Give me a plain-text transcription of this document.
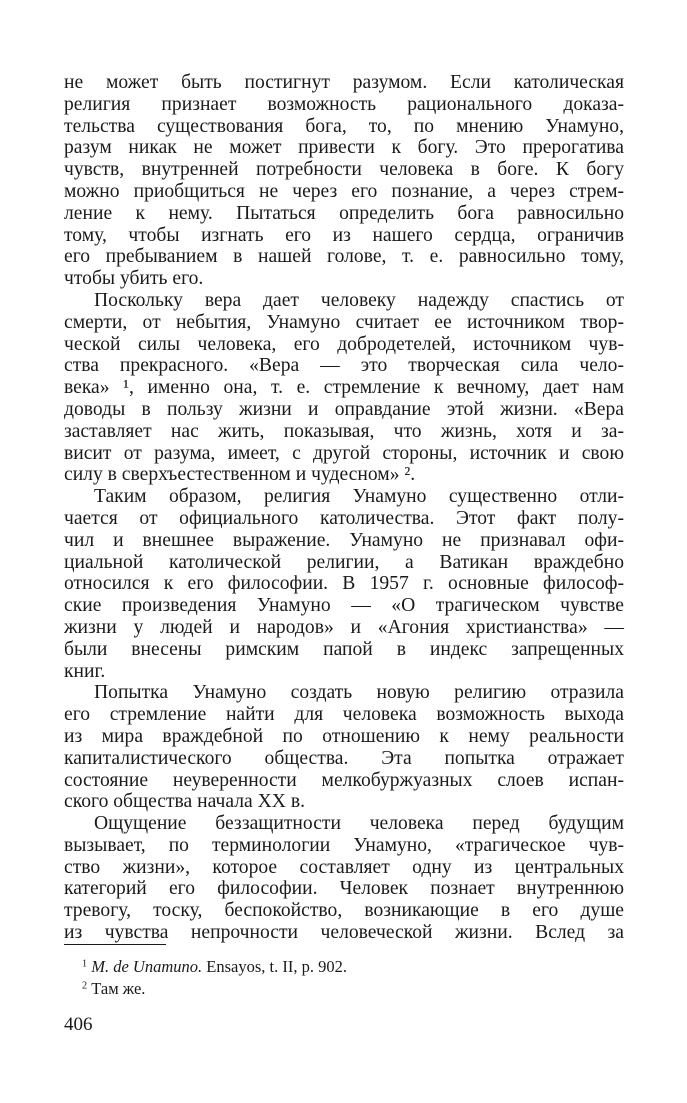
не может быть постигнут разумом. Если католическая
религия признает возможность рационального доказа-
тельства существования бога, то, по мнению Унамуно,
разум никак не может привести к богу. Это прерогатива
чувств, внутренней потребности человека в боге. К богу
можно приобщиться не через его познание, а через стрем-
ление к нему. Пытаться определить бога равносильно
тому, чтобы изгнать его из нашего сердца, ограничив
его пребыванием в нашей голове, т. е. равносильно тому,
чтобы убить его.
Поскольку вера дает человеку надежду спастись от
смерти, от небытия, Унамуно считает ее источником твор-
ческой силы человека, его добродетелей, источником чув-
ства прекрасного. «Вера — это творческая сила чело-
века» ¹, именно она, т. е. стремление к вечному, дает нам
доводы в пользу жизни и оправдание этой жизни. «Вера
заставляет нас жить, показывая, что жизнь, хотя и за-
висит от разума, имеет, с другой стороны, источник и свою
силу в сверхъестественном и чудесном» ².
Таким образом, религия Унамуно существенно отли-
чается от официального католичества. Этот факт полу-
чил и внешнее выражение. Унамуно не признавал офи-
циальной католической религии, а Ватикан враждебно
относился к его философии. В 1957 г. основные философ-
ские произведения Унамуно — «О трагическом чувстве
жизни у людей и народов» и «Агония христианства» —
были внесены римским папой в индекс запрещенных
книг.
Попытка Унамуно создать новую религию отразила
его стремление найти для человека возможность выхода
из мира враждебной по отношению к нему реальности
капиталистического общества. Эта попытка отражает
состояние неуверенности мелкобуржуазных слоев испан-
ского общества начала XX в.
Ощущение беззащитности человека перед будущим
вызывает, по терминологии Унамуно, «трагическое чув-
ство жизни», которое составляет одну из центральных
категорий его философии. Человек познает внутреннюю
тревогу, тоску, беспокойство, возникающие в его душе
из чувства непрочности человеческой жизни. Вслед за
$^1$ M. de Unamuno. Ensayos, t. II, p. 902.
$^2$ Там же.
406
